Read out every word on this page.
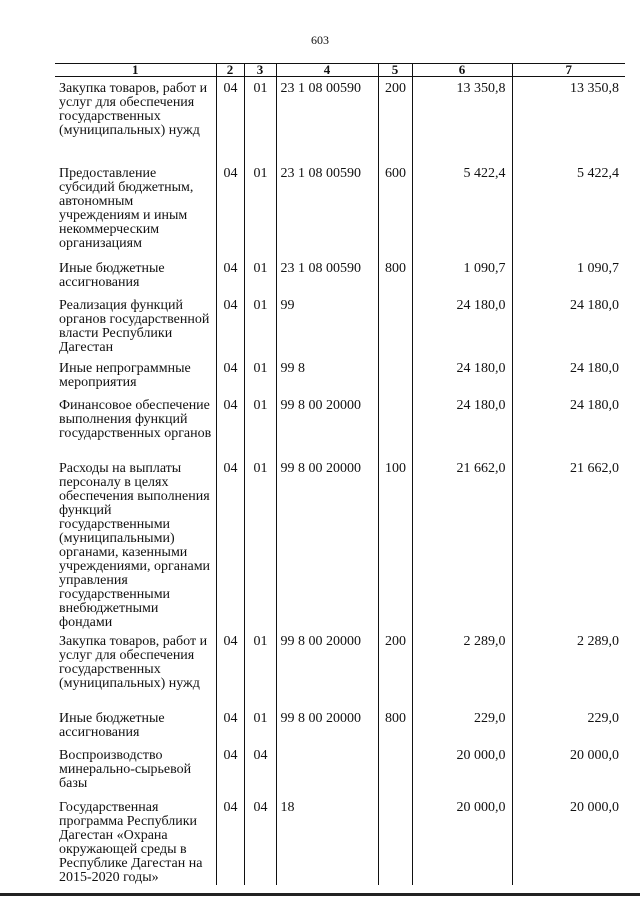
603
1	2	3	4	5	6	7
Закупка товаров, работ и услуг для обеспечения государственных (муниципальных) нужд	04	01	23 1 08 00590	200	13 350,8	13 350,8
Предоставление субсидий бюджетным, автономным учреждениям и иным некоммерческим организациям	04	01	23 1 08 00590	600	5 422,4	5 422,4
Иные бюджетные ассигнования	04	01	23 1 08 00590	800	1 090,7	1 090,7
Реализация функций органов государственной власти Республики Дагестан	04	01	99		24 180,0	24 180,0
Иные непрограммные мероприятия	04	01	99 8		24 180,0	24 180,0
Финансовое обеспечение выполнения функций государственных органов	04	01	99 8 00 20000		24 180,0	24 180,0
Расходы на выплаты персоналу в целях обеспечения выполнения функций государственными (муниципальными) органами, казенными учреждениями, органами управления государственными внебюджетными фондами	04	01	99 8 00 20000	100	21 662,0	21 662,0
Закупка товаров, работ и услуг для обеспечения государственных (муниципальных) нужд	04	01	99 8 00 20000	200	2 289,0	2 289,0
Иные бюджетные ассигнования	04	01	99 8 00 20000	800	229,0	229,0
Воспроизводство минерально-сырьевой базы	04	04			20 000,0	20 000,0
Государственная программа Республики Дагестан «Охрана окружающей среды в Республике Дагестан на 2015-2020 годы»	04	04	18		20 000,0	20 000,0
